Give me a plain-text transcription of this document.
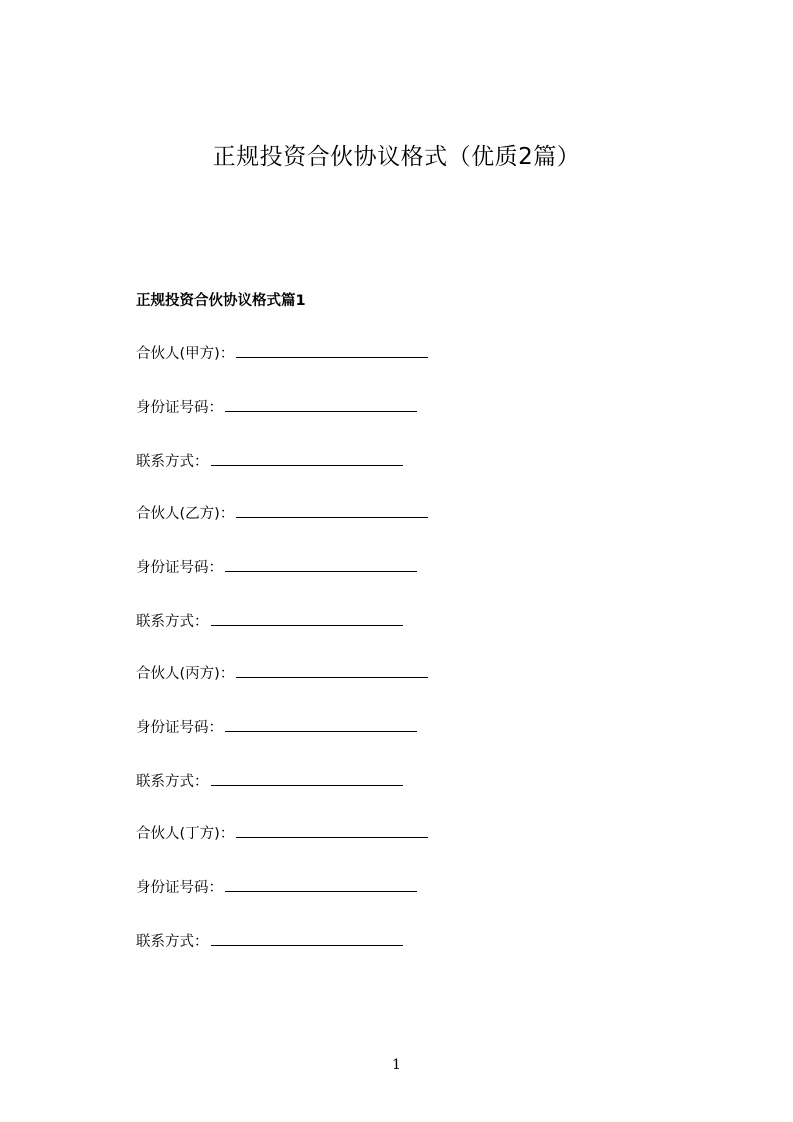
正规投资合伙协议格式（优质2篇）
正规投资合伙协议格式篇1
合伙人(甲方)：
身份证号码：
联系方式：
合伙人(乙方)：
身份证号码：
联系方式：
合伙人(丙方)：
身份证号码：
联系方式：
合伙人(丁方)：
身份证号码：
联系方式：
1
